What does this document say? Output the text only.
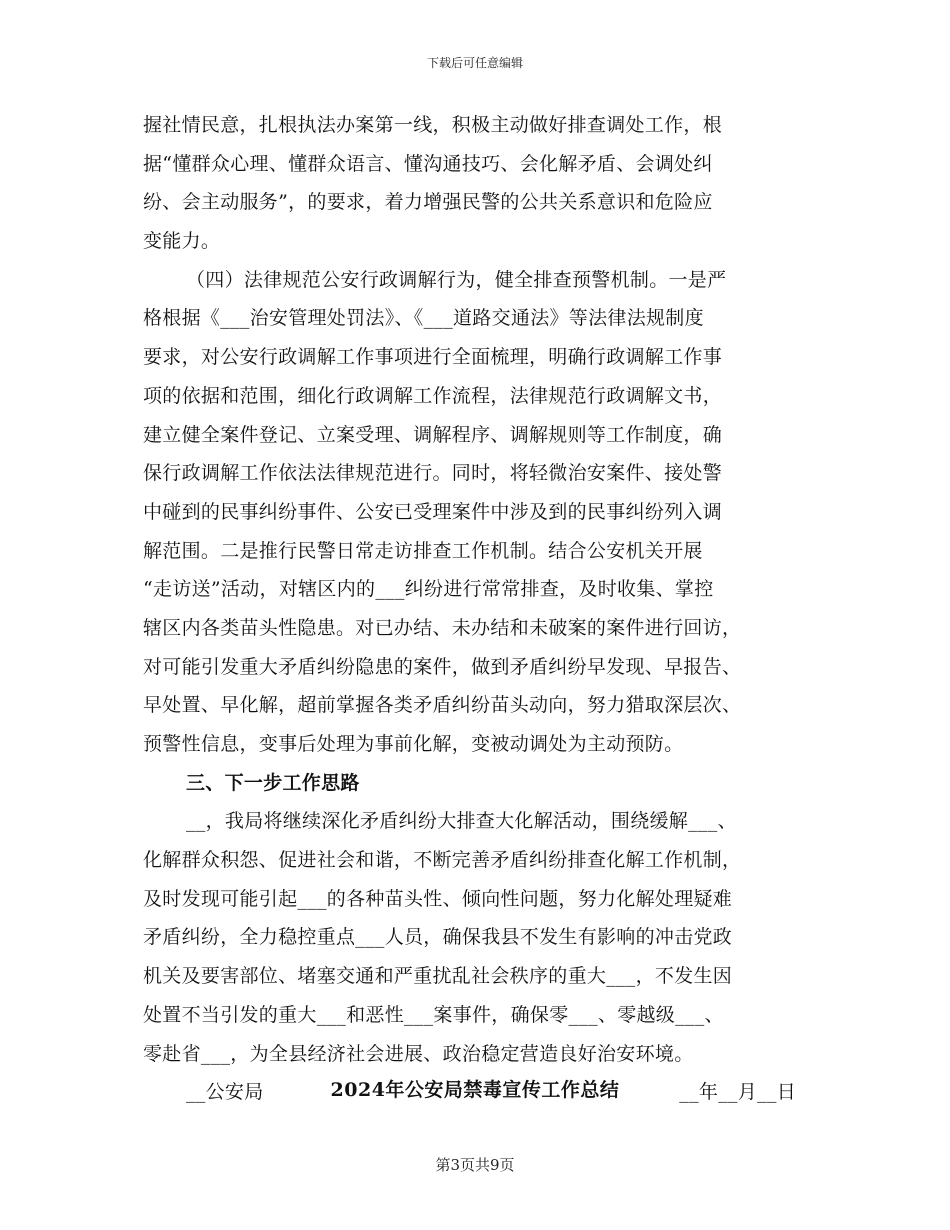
下载后可任意编辑
握社情民意，扎根执法办案第一线，积极主动做好排查调处工作，根
据“懂群众心理、懂群众语言、懂沟通技巧、会化解矛盾、会调处纠
纷、会主动服务”，的要求，着力增强民警的公共关系意识和危险应
变能力。
（四）法律规范公安行政调解行为，健全排查预警机制。一是严
格根据《___治安管理处罚法》、《___道路交通法》等法律法规制度
要求，对公安行政调解工作事项进行全面梳理，明确行政调解工作事
项的依据和范围，细化行政调解工作流程，法律规范行政调解文书，
建立健全案件登记、立案受理、调解程序、调解规则等工作制度，确
保行政调解工作依法法律规范进行。同时，将轻微治安案件、接处警
中碰到的民事纠纷事件、公安已受理案件中涉及到的民事纠纷列入调
解范围。二是推行民警日常走访排查工作机制。结合公安机关开展
“走访送”活动，对辖区内的___纠纷进行常常排查，及时收集、掌控
辖区内各类苗头性隐患。对已办结、未办结和未破案的案件进行回访，
对可能引发重大矛盾纠纷隐患的案件，做到矛盾纠纷早发现、早报告、
早处置、早化解，超前掌握各类矛盾纠纷苗头动向，努力猎取深层次、
预警性信息，变事后处理为事前化解，变被动调处为主动预防。
三、下一步工作思路
__，我局将继续深化矛盾纠纷大排查大化解活动，围绕缓解___、
化解群众积怨、促进社会和谐，不断完善矛盾纠纷排查化解工作机制，
及时发现可能引起___的各种苗头性、倾向性问题，努力化解处理疑难
矛盾纠纷，全力稳控重点___人员，确保我县不发生有影响的冲击党政
机关及要害部位、堵塞交通和严重扰乱社会秩序的重大___，不发生因
处置不当引发的重大___和恶性___案事件，确保零___、零越级___、
零赴省___，为全县经济社会进展、政治稳定营造良好治安环境。
__公安局	__年__月__日
2024年公安局禁毒宣传工作总结
第3页共9页
